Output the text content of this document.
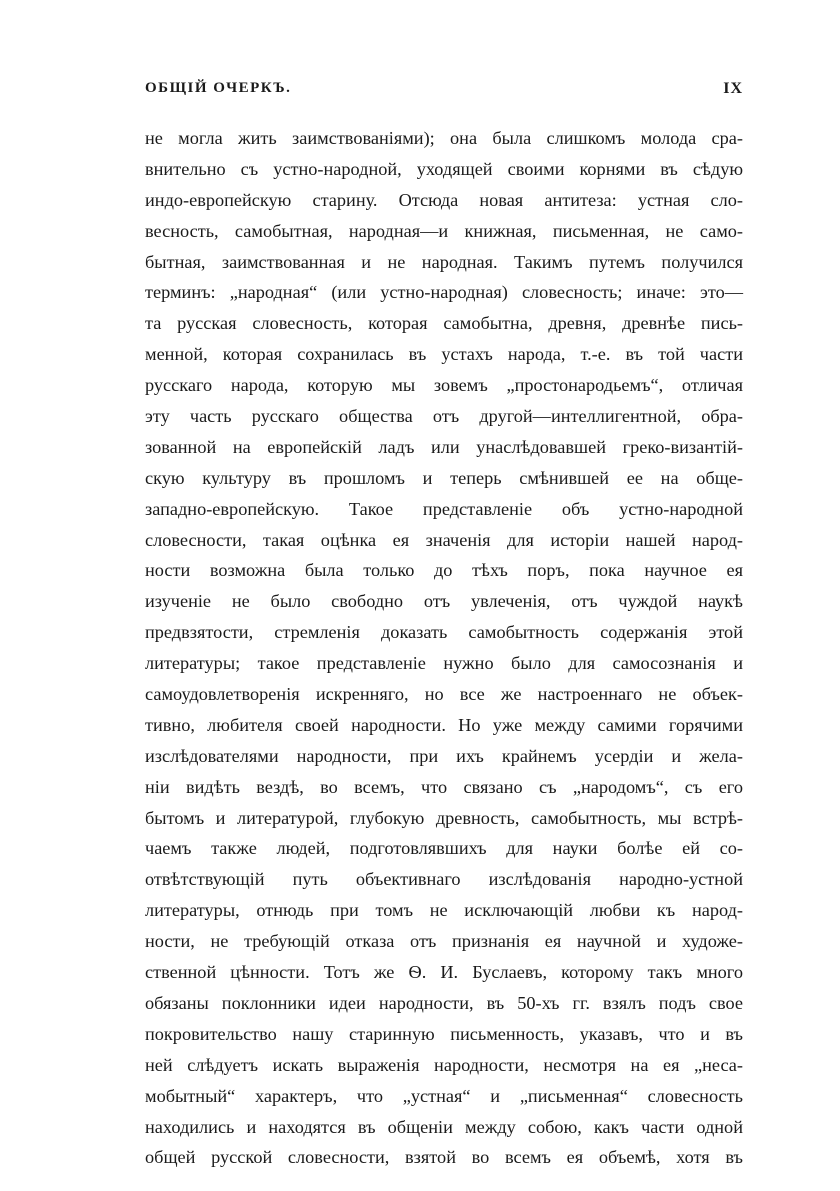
ОБЩІЙ ОЧЕРКЪ.	IX
не могла жить заимствованіями); она была слишкомъ молода сра-
внительно съ устно-народной, уходящей своими корнями въ сѣдую
индо-европейскую старину. Отсюда новая антитеза: устная сло-
весность, самобытная, народная—и книжная, письменная, не само-
бытная, заимствованная и не народная. Такимъ путемъ получился
терминъ: „народная“ (или устно-народная) словесность; иначе: это—
та русская словесность, которая самобытна, древня, древнѣе пись-
менной, которая сохранилась въ устахъ народа, т.-е. въ той части
русскаго народа, которую мы зовемъ „простонародьемъ“, отличая
эту часть русскаго общества отъ другой—интеллигентной, обра-
зованной на европейскій ладъ или унаслѣдовавшей греко-византій-
скую культуру въ прошломъ и теперь смѣнившей ее на обще-
западно-европейскую. Такое представленіе объ устно-народной
словесности, такая оцѣнка ея значенія для исторіи нашей народ-
ности возможна была только до тѣхъ поръ, пока научное ея
изученіе не было свободно отъ увлеченія, отъ чуждой наукѣ
предвзятости, стремленія доказать самобытность содержанія этой
литературы; такое представленіе нужно было для самосознанія и
самоудовлетворенія искренняго, но все же настроеннаго не объек-
тивно, любителя своей народности. Но уже между самими горячими
изслѣдователями народности, при ихъ крайнемъ усердіи и жела-
ніи видѣть вездѣ, во всемъ, что связано съ „народомъ“, съ его
бытомъ и литературой, глубокую древность, самобытность, мы встрѣ-
чаемъ также людей, подготовлявшихъ для науки болѣе ей со-
отвѣтствующій путь объективнаго изслѣдованія народно-устной
литературы, отнюдь при томъ не исключающій любви къ народ-
ности, не требующій отказа отъ признанія ея научной и художе-
ственной цѣнности. Тотъ же Ѳ. И. Буслаевъ, которому такъ много
обязаны поклонники идеи народности, въ 50-хъ гг. взялъ подъ свое
покровительство нашу старинную письменность, указавъ, что и въ
ней слѣдуетъ искать выраженія народности, несмотря на ея „неса-
мобытный“ характеръ, что „устная“ и „письменная“ словесность
находились и находятся въ общеніи между собою, какъ части одной
общей русской словесности, взятой во всемъ ея объемѣ, хотя въ
